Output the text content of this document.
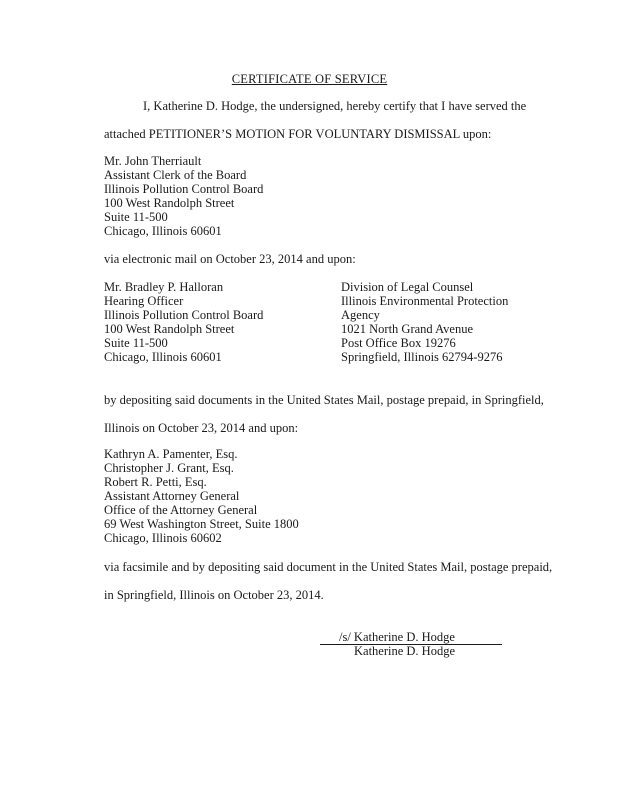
CERTIFICATE OF SERVICE
I, Katherine D. Hodge, the undersigned, hereby certify that I have served the
attached PETITIONER’S MOTION FOR VOLUNTARY DISMISSAL upon:
Mr. John Therriault
Assistant Clerk of the Board
Illinois Pollution Control Board
100 West Randolph Street
Suite 11-500
Chicago, Illinois 60601
via electronic mail on October 23, 2014 and upon:
Mr. Bradley P. Halloran
Hearing Officer
Illinois Pollution Control Board
100 West Randolph Street
Suite 11-500
Chicago, Illinois 60601
Division of Legal Counsel
Illinois Environmental Protection
Agency
1021 North Grand Avenue
Post Office Box 19276
Springfield, Illinois 62794-9276
by depositing said documents in the United States Mail, postage prepaid, in Springfield,
Illinois on October 23, 2014 and upon:
Kathryn A. Pamenter, Esq.
Christopher J. Grant, Esq.
Robert R. Petti, Esq.
Assistant Attorney General
Office of the Attorney General
69 West Washington Street, Suite 1800
Chicago, Illinois 60602
via facsimile and by depositing said document in the United States Mail, postage prepaid,
in Springfield, Illinois on October 23, 2014.
/s/ Katherine D. Hodge
Katherine D. Hodge
